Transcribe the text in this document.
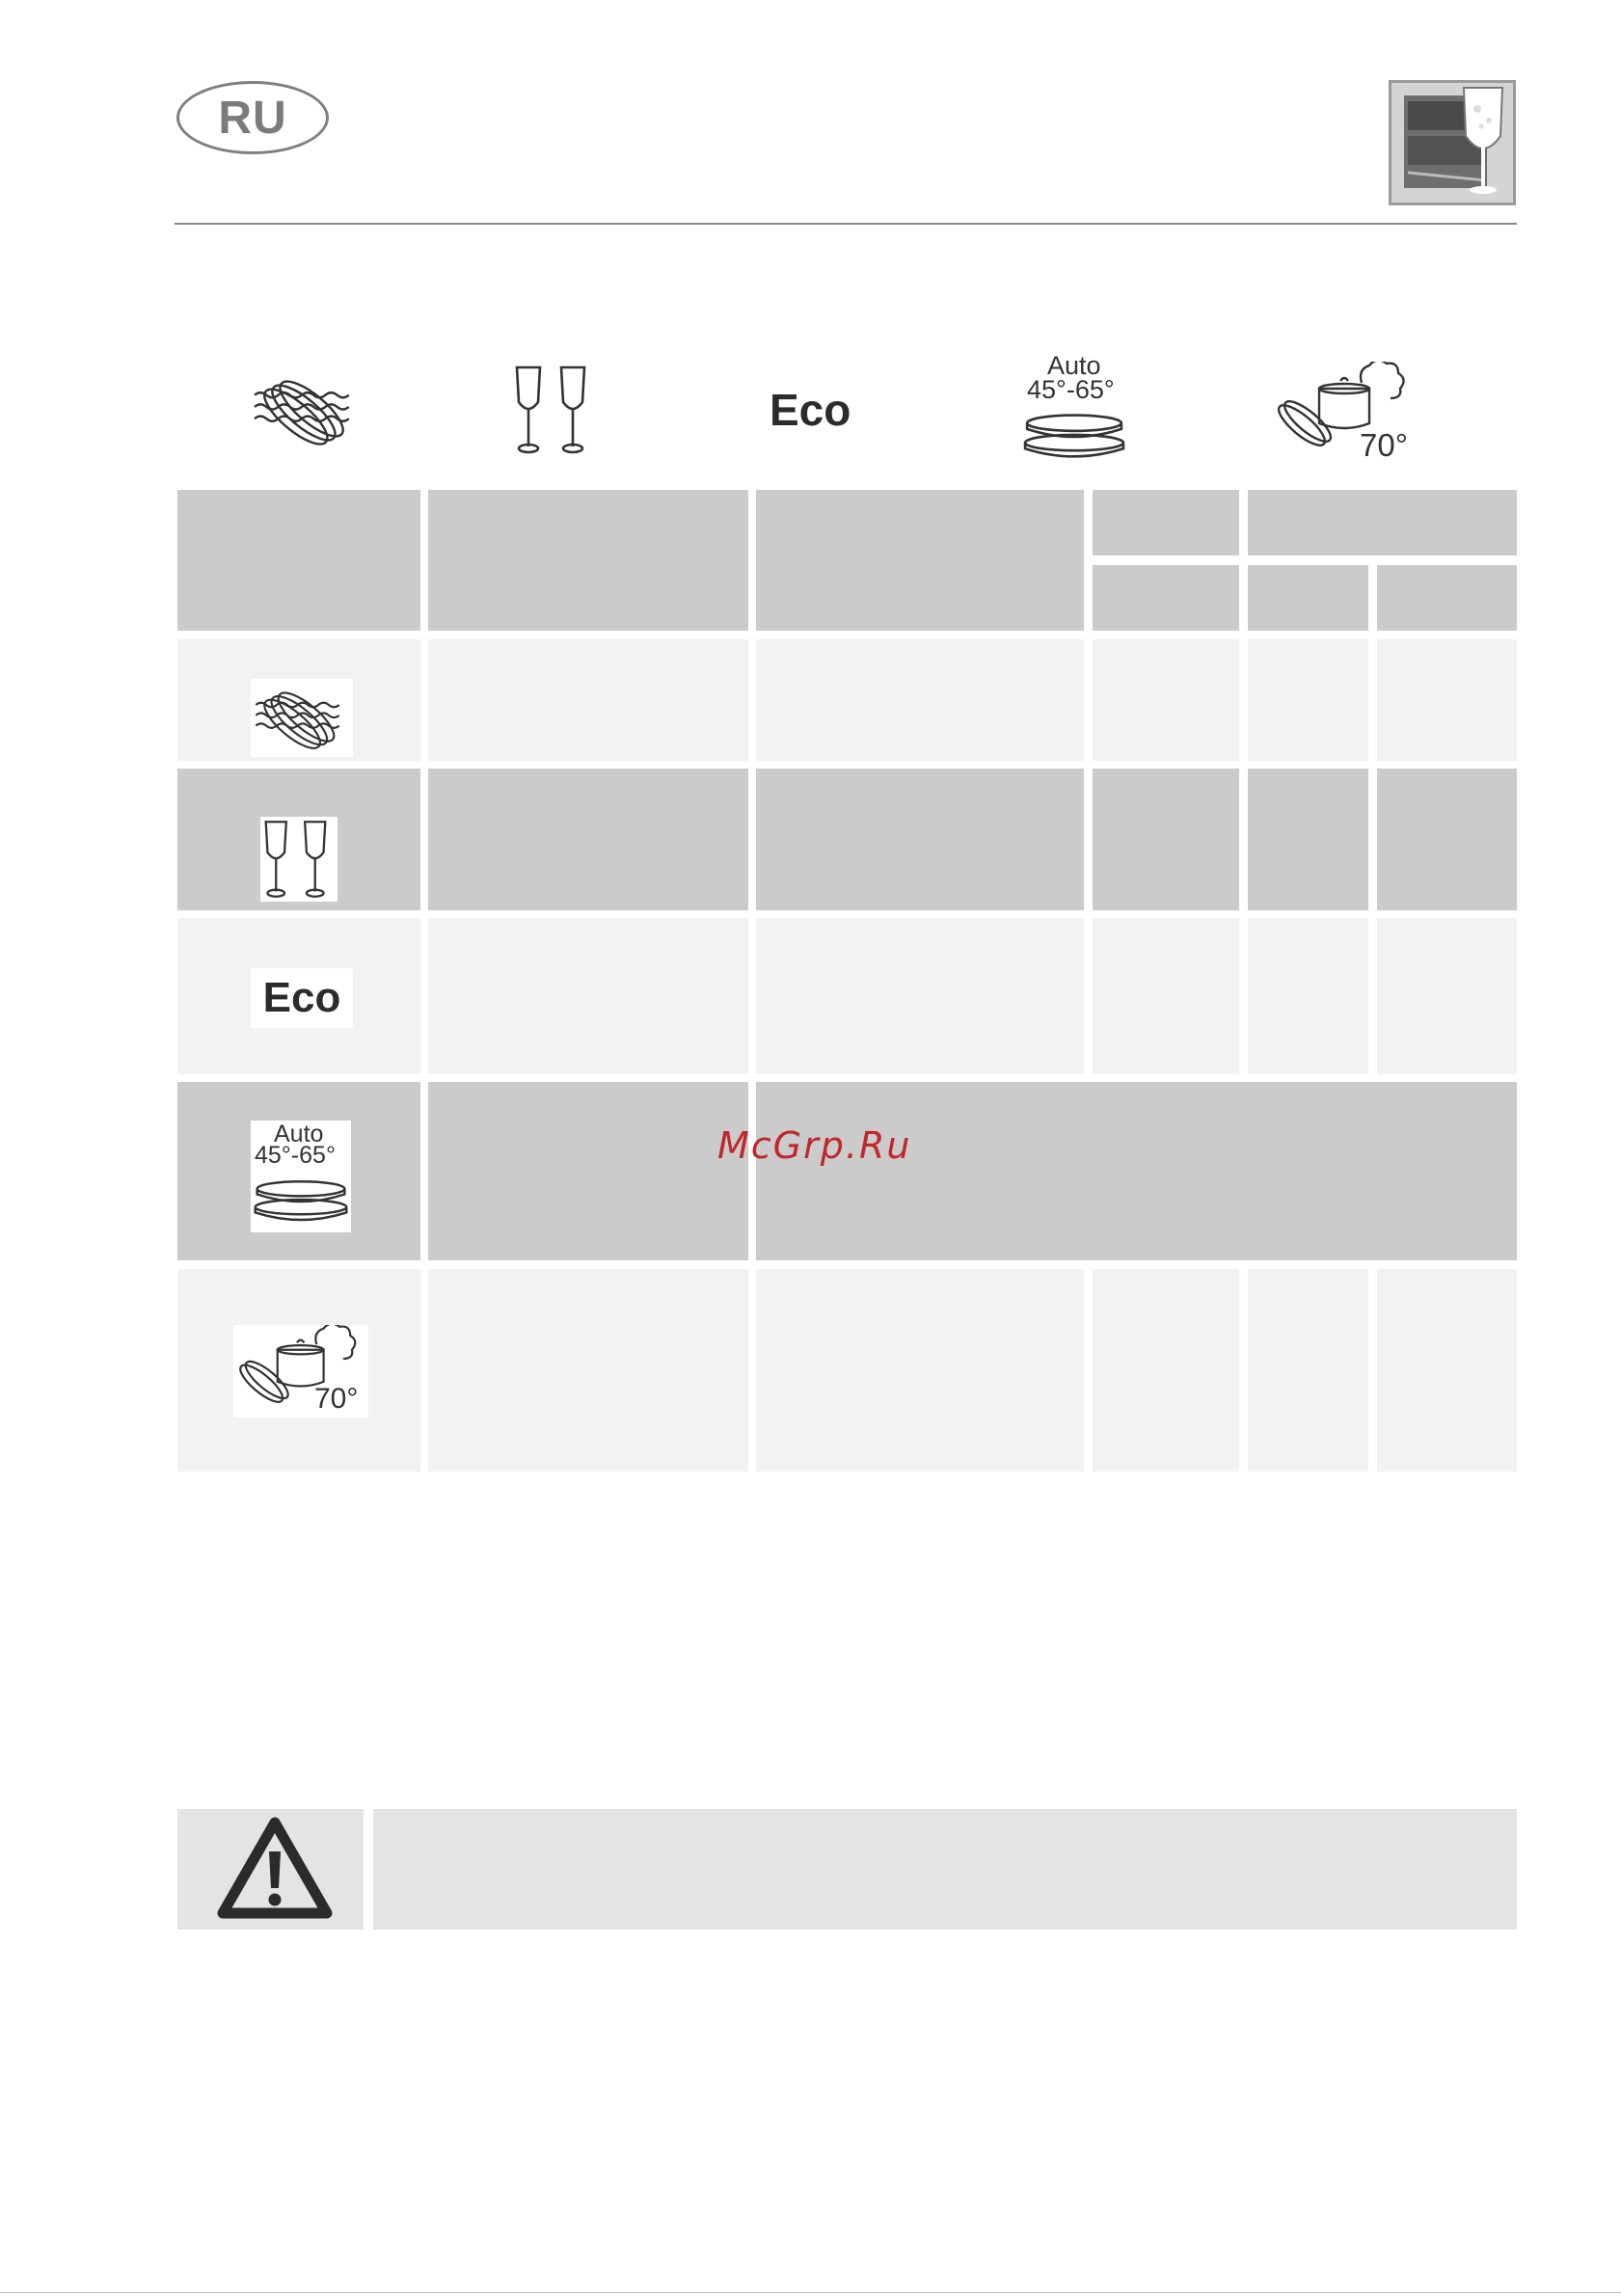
RU
Eco
Auto
45°-65°
70°
Eco
Auto
45°-65°
70°
McGrp.Ru
